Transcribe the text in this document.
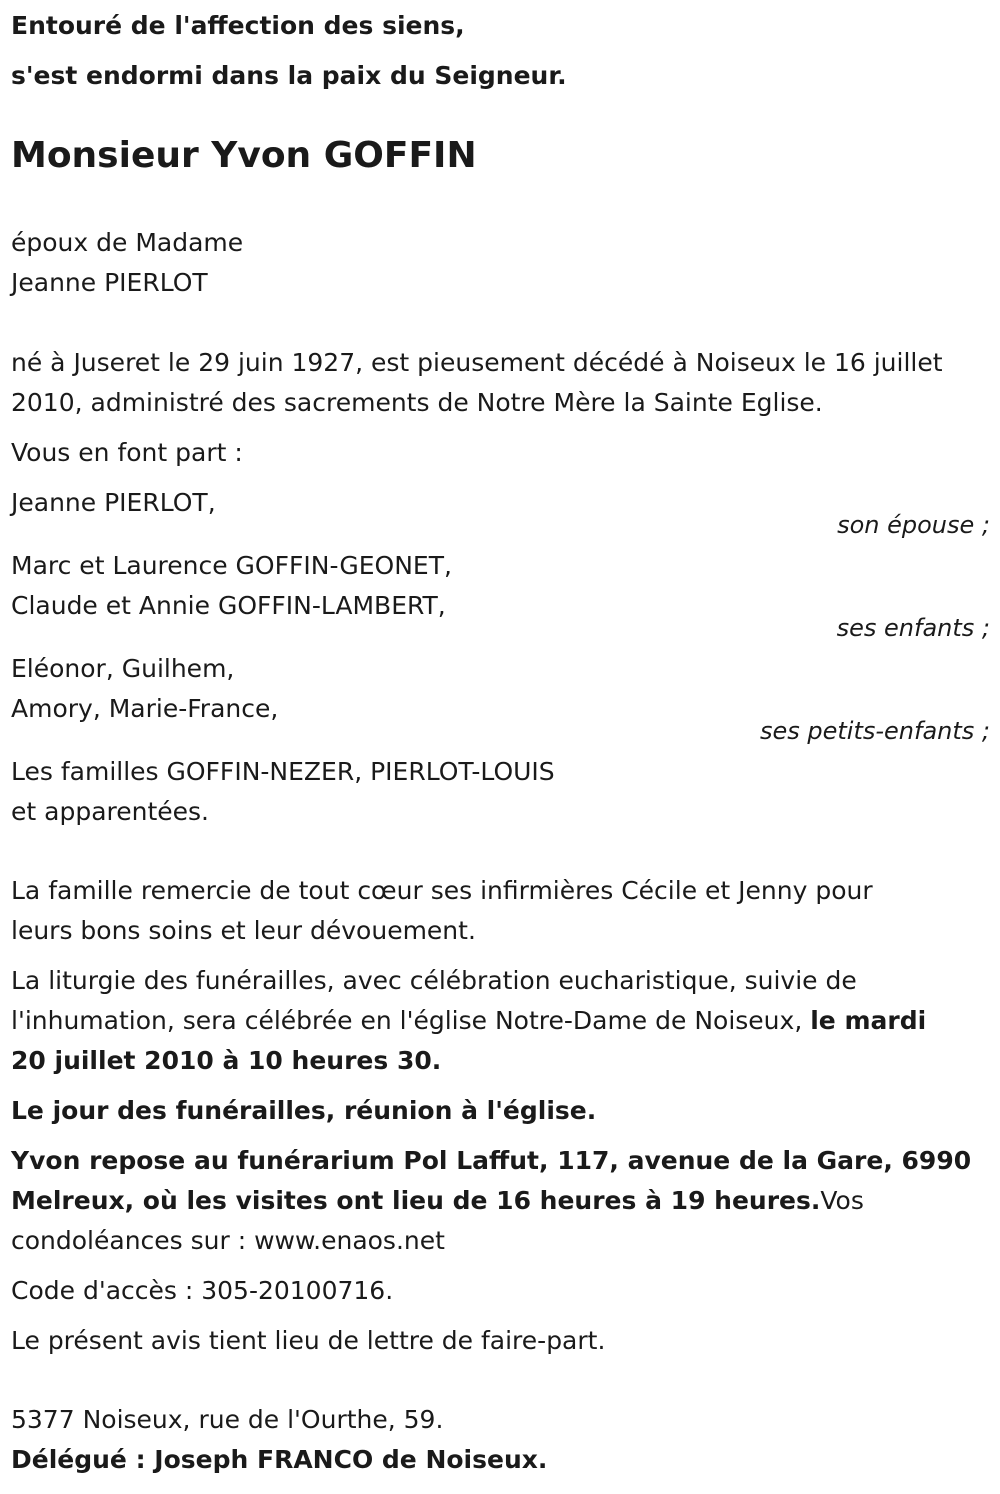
Entouré de l'affection des siens,
s'est endormi dans la paix du Seigneur.
Monsieur Yvon GOFFIN
époux de Madame
Jeanne PIERLOT
né à Juseret le 29 juin 1927, est pieusement décédé à Noiseux le 16 juillet
2010, administré des sacrements de Notre Mère la Sainte Eglise.
Vous en font part :
Jeanne PIERLOT,
son épouse ;
Marc et Laurence GOFFIN-GEONET,
Claude et Annie GOFFIN-LAMBERT,
ses enfants ;
Eléonor, Guilhem,
Amory, Marie-France,
ses petits-enfants ;
Les familles GOFFIN-NEZER, PIERLOT-LOUIS
et apparentées.
La famille remercie de tout cœur ses infirmières Cécile et Jenny pour
leurs bons soins et leur dévouement.
La liturgie des funérailles, avec célébration eucharistique, suivie de
l'inhumation, sera célébrée en l'église Notre-Dame de Noiseux, le mardi
20 juillet 2010 à 10 heures 30.
Le jour des funérailles, réunion à l'église.
Yvon repose au funérarium Pol Laffut, 117, avenue de la Gare, 6990
Melreux, où les visites ont lieu de 16 heures à 19 heures.Vos
condoléances sur : www.enaos.net
Code d'accès : 305-20100716.
Le présent avis tient lieu de lettre de faire-part.
5377 Noiseux, rue de l'Ourthe, 59.
Délégué : Joseph FRANCO de Noiseux.
